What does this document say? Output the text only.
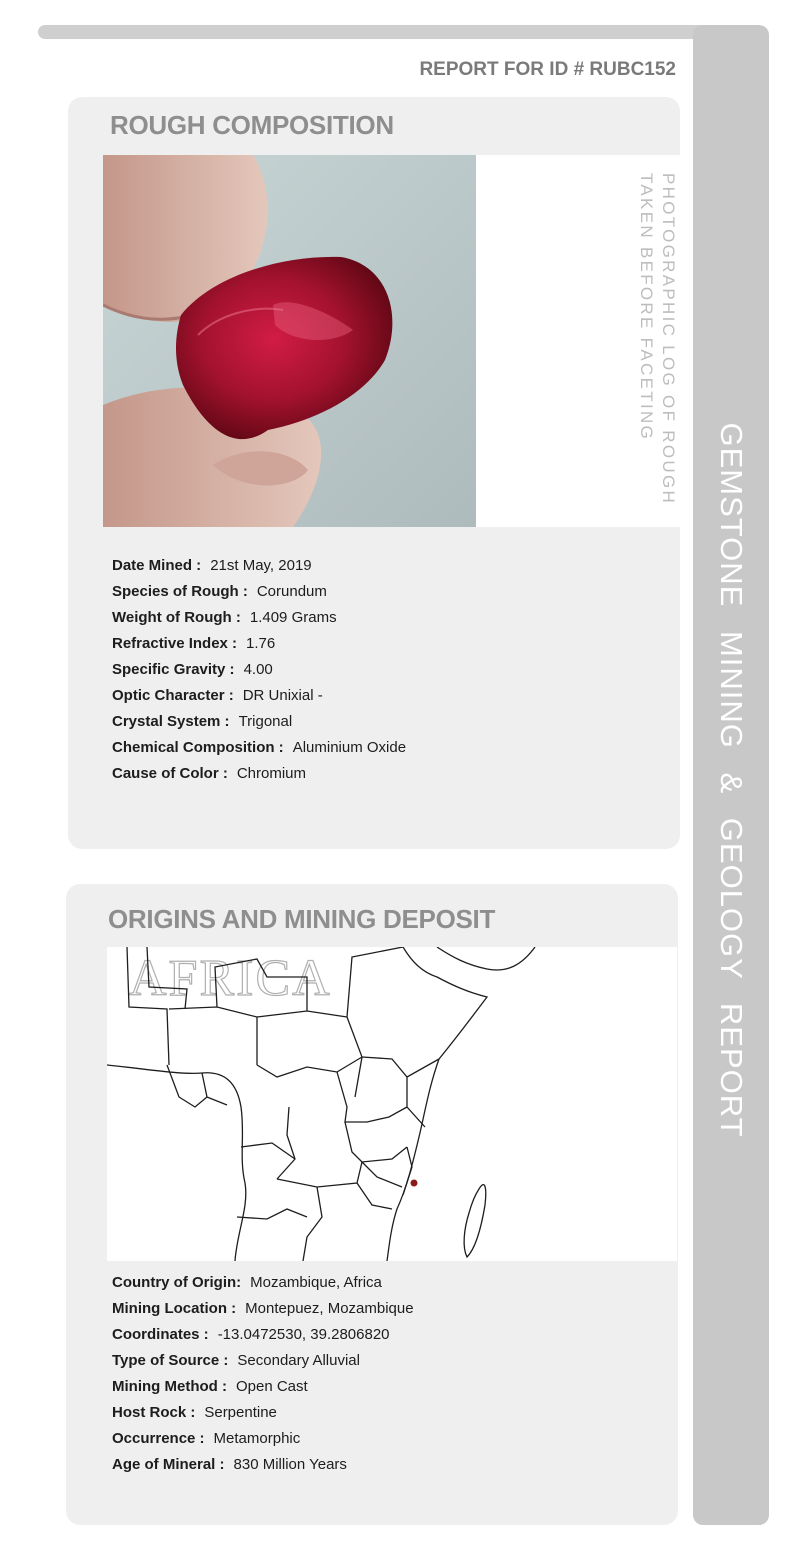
GEMSTONE MINING & GEOLOGY REPORT
REPORT FOR ID # RUBC152
ROUGH COMPOSITION
PHOTOGRAPHIC LOG OF ROUGH TAKEN BEFORE FACETING
Date Mined : 21st May, 2019
Species of Rough : Corundum
Weight of Rough : 1.409 Grams
Refractive Index : 1.76
Specific Gravity : 4.00
Optic Character : DR Unixial -
Crystal System : Trigonal
Chemical Composition : Aluminium Oxide
Cause of Color : Chromium
ORIGINS AND MINING DEPOSIT
AFRICA
Country of Origin: Mozambique, Africa
Mining Location : Montepuez, Mozambique
Coordinates : -13.0472530, 39.2806820
Type of Source : Secondary Alluvial
Mining Method : Open Cast
Host Rock : Serpentine
Occurrence : Metamorphic
Age of Mineral : 830 Million Years
